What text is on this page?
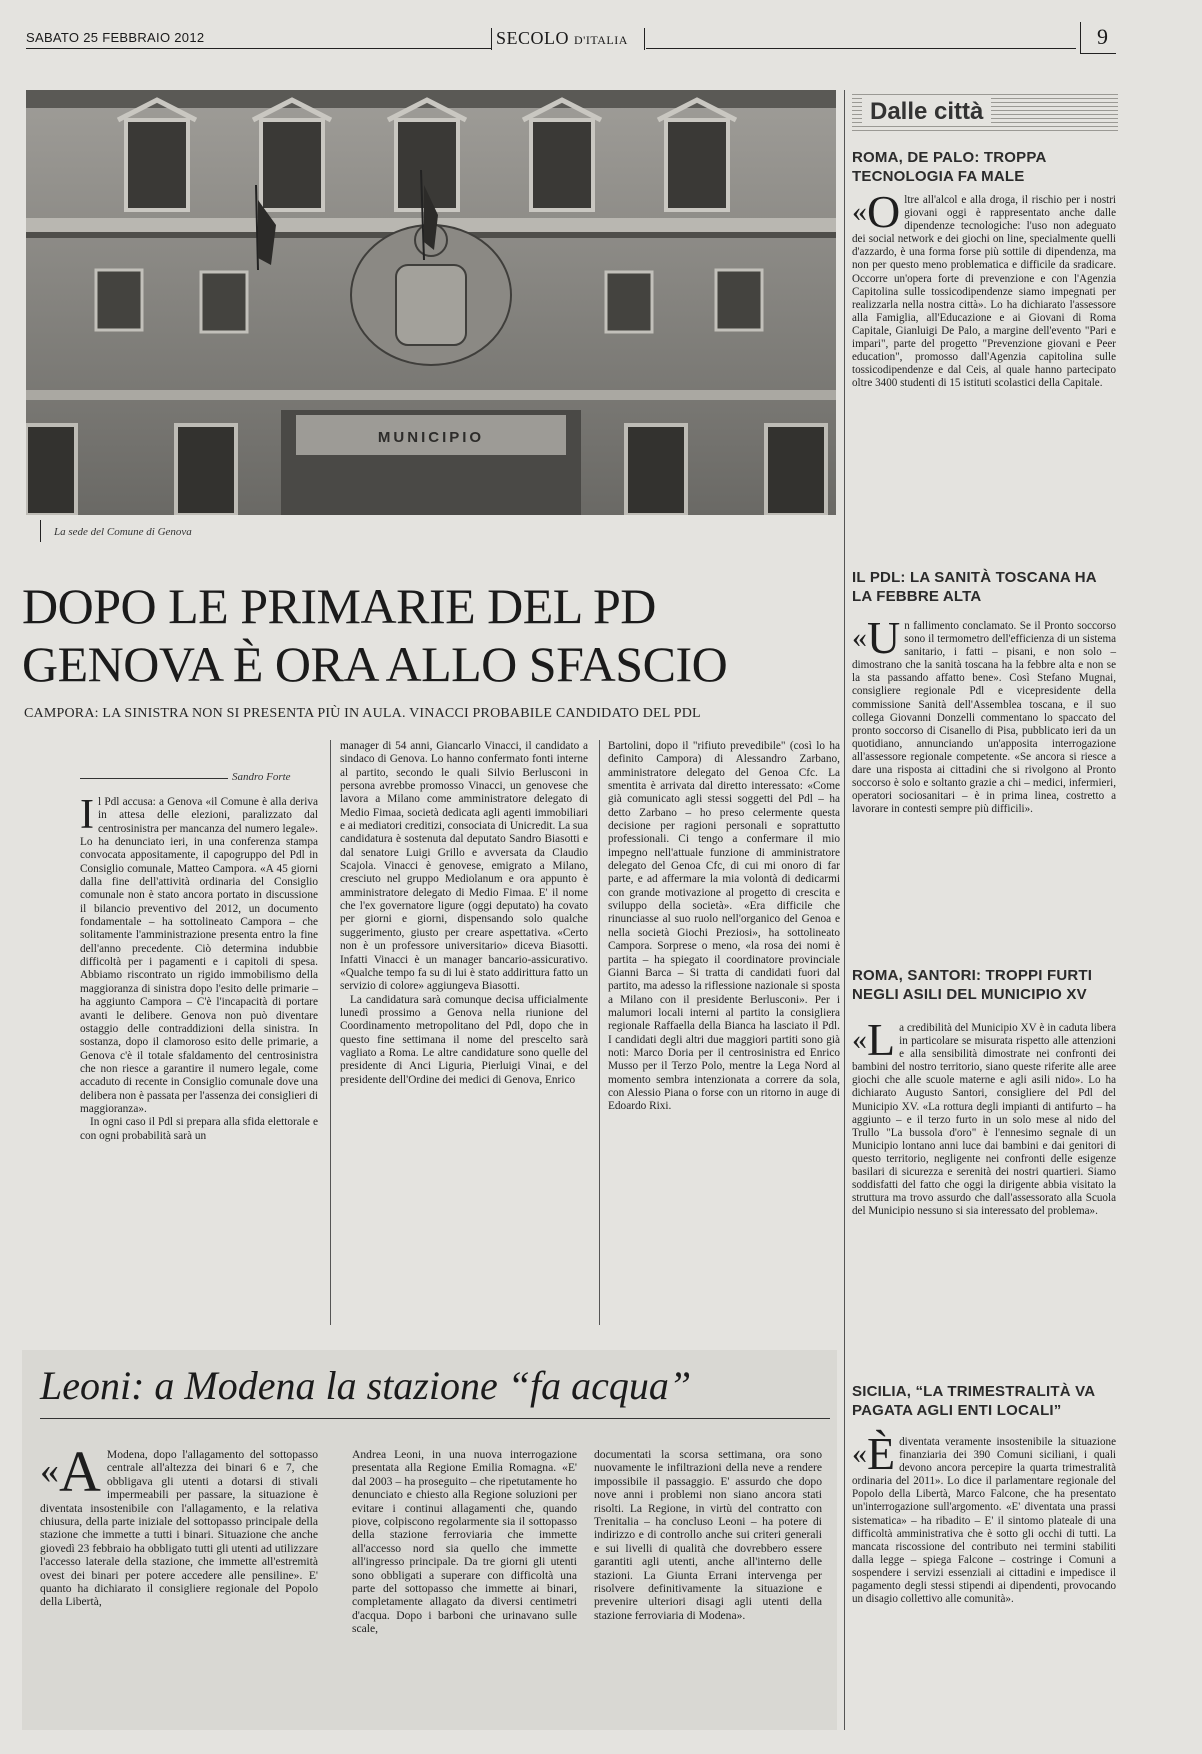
SABATO 25 FEBBRAIO 2012	SECOLO D'ITALIA	9
MUNICIPIO
La sede del Comune di Genova
DOPO LE PRIMARIE DEL PD
GENOVA È ORA ALLO SFASCIO
CAMPORA: LA SINISTRA NON SI PRESENTA PIÙ IN AULA. VINACCI PROBABILE CANDIDATO DEL PDL
Sandro Forte

Il Pdl accusa: a Genova «il Comune è alla deriva in attesa delle elezioni, paralizzato dal centrosinistra per mancanza del numero legale». Lo ha denunciato ieri, in una conferenza stampa convocata appositamente, il capogruppo del Pdl in Consiglio comunale, Matteo Campora. «A 45 giorni dalla fine dell'attività ordinaria del Consiglio comunale non è stato ancora portato in discussione il bilancio preventivo del 2012, un documento fondamentale – ha sottolineato Campora – che solitamente l'amministrazione presenta entro la fine dell'anno precedente. Ciò determina indubbie difficoltà per i pagamenti e i capitoli di spesa. Abbiamo riscontrato un rigido immobilismo della maggioranza di sinistra dopo l'esito delle primarie – ha aggiunto Campora – C'è l'incapacità di portare avanti le delibere. Genova non può diventare ostaggio delle contraddizioni della sinistra. In sostanza, dopo il clamoroso esito delle primarie, a Genova c'è il totale sfaldamento del centrosinistra che non riesce a garantire il numero legale, come accaduto di recente in Consiglio comunale dove una delibera non è passata per l'assenza dei consiglieri di maggioranza».

In ogni caso il Pdl si prepara alla sfida elettorale e con ogni probabilità sarà un

manager di 54 anni, Giancarlo Vinacci, il candidato a sindaco di Genova. Lo hanno confermato fonti interne al partito, secondo le quali Silvio Berlusconi in persona avrebbe promosso Vinacci, un genovese che lavora a Milano come amministratore delegato di Medio Fimaa, società dedicata agli agenti immobiliari e ai mediatori creditizi, consociata di Unicredit. La sua candidatura è sostenuta dal deputato Sandro Biasotti e dal senatore Luigi Grillo e avversata da Claudio Scajola. Vinacci è genovese, emigrato a Milano, cresciuto nel gruppo Mediolanum e ora appunto è amministratore delegato di Medio Fimaa. E' il nome che l'ex governatore ligure (oggi deputato) ha covato per giorni e giorni, dispensando solo qualche suggerimento, giusto per creare aspettativa. «Certo non è un professore universitario» diceva Biasotti. Infatti Vinacci è un manager bancario-assicurativo. «Qualche tempo fa su di lui è stato addirittura fatto un servizio di colore» aggiungeva Biasotti.

La candidatura sarà comunque decisa ufficialmente lunedì prossimo a Genova nella riunione del Coordinamento metropolitano del Pdl, dopo che in questo fine settimana il nome del prescelto sarà vagliato a Roma. Le altre candidature sono quelle del presidente di Anci Liguria, Pierluigi Vinai, e del presidente dell'Ordine dei medici di Genova, Enrico

Bartolini, dopo il "rifiuto prevedibile" (così lo ha definito Campora) di Alessandro Zarbano, amministratore delegato del Genoa Cfc. La smentita è arrivata dal diretto interessato: «Come già comunicato agli stessi soggetti del Pdl – ha detto Zarbano – ho preso celermente questa decisione per ragioni personali e soprattutto professionali. Ci tengo a confermare il mio impegno nell'attuale funzione di amministratore delegato del Genoa Cfc, di cui mi onoro di far parte, e ad affermare la mia volontà di dedicarmi con grande motivazione al progetto di crescita e sviluppo della società». «Era difficile che rinunciasse al suo ruolo nell'organico del Genoa e nella società Giochi Preziosi», ha sottolineato Campora. Sorprese o meno, «la rosa dei nomi è partita – ha spiegato il coordinatore provinciale Gianni Barca – Si tratta di candidati fuori dal partito, ma adesso la riflessione nazionale si sposta a Milano con il presidente Berlusconi». Per i malumori locali interni al partito la consigliera regionale Raffaella della Bianca ha lasciato il Pdl. I candidati degli altri due maggiori partiti sono già noti: Marco Doria per il centrosinistra ed Enrico Musso per il Terzo Polo, mentre la Lega Nord al momento sembra intenzionata a correre da sola, con Alessio Piana o forse con un ritorno in auge di Edoardo Rixi.

Leoni: a Modena la stazione “fa acqua”

«A Modena, dopo l'allagamento del sottopasso centrale all'altezza dei binari 6 e 7, che obbligava gli utenti a dotarsi di stivali impermeabili per passare, la situazione è diventata insostenibile con l'allagamento, e la relativa chiusura, della parte iniziale del sottopasso principale della stazione che immette a tutti i binari. Situazione che anche giovedì 23 febbraio ha obbligato tutti gli utenti ad utilizzare l'accesso laterale della stazione, che immette all'estremità ovest dei binari per potere accedere alle pensiline». E' quanto ha dichiarato il consigliere regionale del Popolo della Libertà,

Andrea Leoni, in una nuova interrogazione presentata alla Regione Emilia Romagna. «E' dal 2003 – ha proseguito – che ripetutamente ho denunciato e chiesto alla Regione soluzioni per evitare i continui allagamenti che, quando piove, colpiscono regolarmente sia il sottopasso della stazione ferroviaria che immette all'accesso nord sia quello che immette all'ingresso principale. Da tre giorni gli utenti sono obbligati a superare con difficoltà una parte del sottopasso che immette ai binari, completamente allagato da diversi centimetri d'acqua. Dopo i barboni che urinavano sulle scale,

documentati la scorsa settimana, ora sono nuovamente le infiltrazioni della neve a rendere impossibile il passaggio. E' assurdo che dopo nove anni i problemi non siano ancora stati risolti. La Regione, in virtù del contratto con Trenitalia – ha concluso Leoni – ha potere di indirizzo e di controllo anche sui criteri generali e sui livelli di qualità che dovrebbero essere garantiti agli utenti, anche all'interno delle stazioni. La Giunta Errani intervenga per risolvere definitivamente la situazione e prevenire ulteriori disagi agli utenti della stazione ferroviaria di Modena».

Dalle città
ROMA, DE PALO: TROPPA TECNOLOGIA FA MALE
«O ltre all'alcol e alla droga, il rischio per i nostri giovani oggi è rappresentato anche dalle dipendenze tecnologiche: l'uso non adeguato dei social network e dei giochi on line, specialmente quelli d'azzardo, è una forma forse più sottile di dipendenza, ma non per questo meno problematica e difficile da sradicare. Occorre un'opera forte di prevenzione e con l'Agenzia Capitolina sulle tossicodipendenze siamo impegnati per realizzarla nella nostra città». Lo ha dichiarato l'assessore alla Famiglia, all'Educazione e ai Giovani di Roma Capitale, Gianluigi De Palo, a margine dell'evento "Pari e impari", parte del progetto "Prevenzione giovani e Peer education", promosso dall'Agenzia capitolina sulle tossicodipendenze e dal Ceis, al quale hanno partecipato oltre 3400 studenti di 15 istituti scolastici della Capitale.
IL PDL: LA SANITÀ TOSCANA HA LA FEBBRE ALTA
«U n fallimento conclamato. Se il Pronto soccorso sono il termometro dell'efficienza di un sistema sanitario, i fatti – pisani, e non solo – dimostrano che la sanità toscana ha la febbre alta e non se la sta passando affatto bene». Così Stefano Mugnai, consigliere regionale Pdl e vicepresidente della commissione Sanità dell'Assemblea toscana, e il suo collega Giovanni Donzelli commentano lo spaccato del pronto soccorso di Cisanello di Pisa, pubblicato ieri da un quotidiano, annunciando un'apposita interrogazione all'assessore regionale competente. «Se ancora si riesce a dare una risposta ai cittadini che si rivolgono al Pronto soccorso è solo e soltanto grazie a chi – medici, infermieri, operatori sociosanitari – è in prima linea, costretto a lavorare in contesti sempre più difficili».
ROMA, SANTORI: TROPPI FURTI NEGLI ASILI DEL MUNICIPIO XV
«L a credibilità del Municipio XV è in caduta libera in particolare se misurata rispetto alle attenzioni e alla sensibilità dimostrate nei confronti dei bambini del nostro territorio, siano queste riferite alle aree giochi che alle scuole materne e agli asili nido». Lo ha dichiarato Augusto Santori, consigliere del Pdl del Municipio XV. «La rottura degli impianti di antifurto – ha aggiunto – e il terzo furto in un solo mese al nido del Trullo "La bussola d'oro" è l'ennesimo segnale di un Municipio lontano anni luce dai bambini e dai genitori di questo territorio, negligente nei confronti delle esigenze basilari di sicurezza e serenità dei nostri quartieri. Siamo soddisfatti del fatto che oggi la dirigente abbia visitato la struttura ma trovo assurdo che dall'assessorato alla Scuola del Municipio nessuno si sia interessato del problema».
SICILIA, “LA TRIMESTRALITÀ VA PAGATA AGLI ENTI LOCALI”
«È diventata veramente insostenibile la situazione finanziaria dei 390 Comuni siciliani, i quali devono ancora percepire la quarta trimestralità ordinaria del 2011». Lo dice il parlamentare regionale del Popolo della Libertà, Marco Falcone, che ha presentato un'interrogazione sull'argomento. «E' diventata una prassi sistematica» – ha ribadito – E' il sintomo plateale di una difficoltà amministrativa che è sotto gli occhi di tutti. La mancata riscossione del contributo nei termini stabiliti dalla legge – spiega Falcone – costringe i Comuni a sospendere i servizi essenziali ai cittadini e impedisce il pagamento degli stessi stipendi ai dipendenti, provocando un disagio collettivo alle comunità».
